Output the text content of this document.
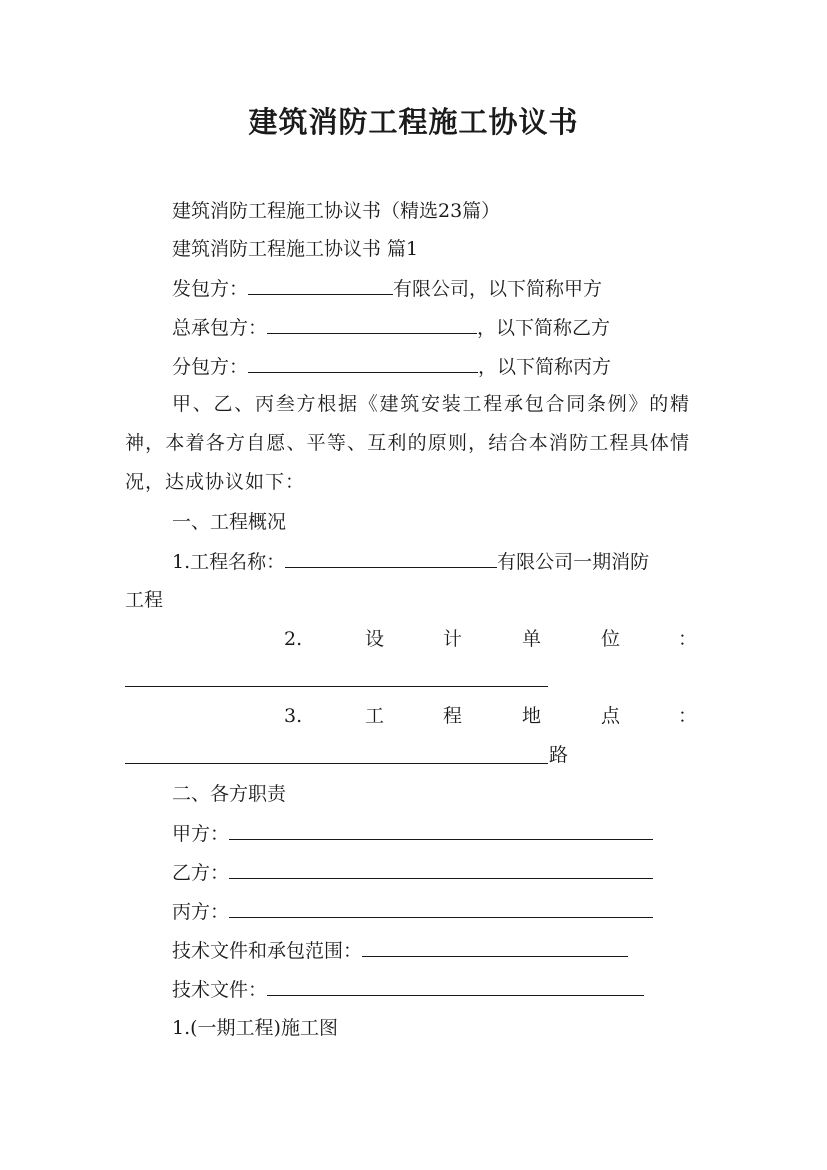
建筑消防工程施工协议书
建筑消防工程施工协议书（精选23篇）
建筑消防工程施工协议书 篇1
发包方：	有限公司，以下简称甲方
总承包方：	，以下简称乙方
分包方：	，以下简称丙方
甲、乙、丙叁方根据《建筑安装工程承包合同条例》的精神，本着各方自愿、平等、互利的原则，结合本消防工程具体情况，达成协议如下：
一、工程概况
1.工程名称：	有限公司一期消防
工程
2.	设	计	单	位	：
3.	工	程	地	点	：
路
二、各方职责
甲方：
乙方：
丙方：
技术文件和承包范围：
技术文件：
1.(一期工程)施工图
